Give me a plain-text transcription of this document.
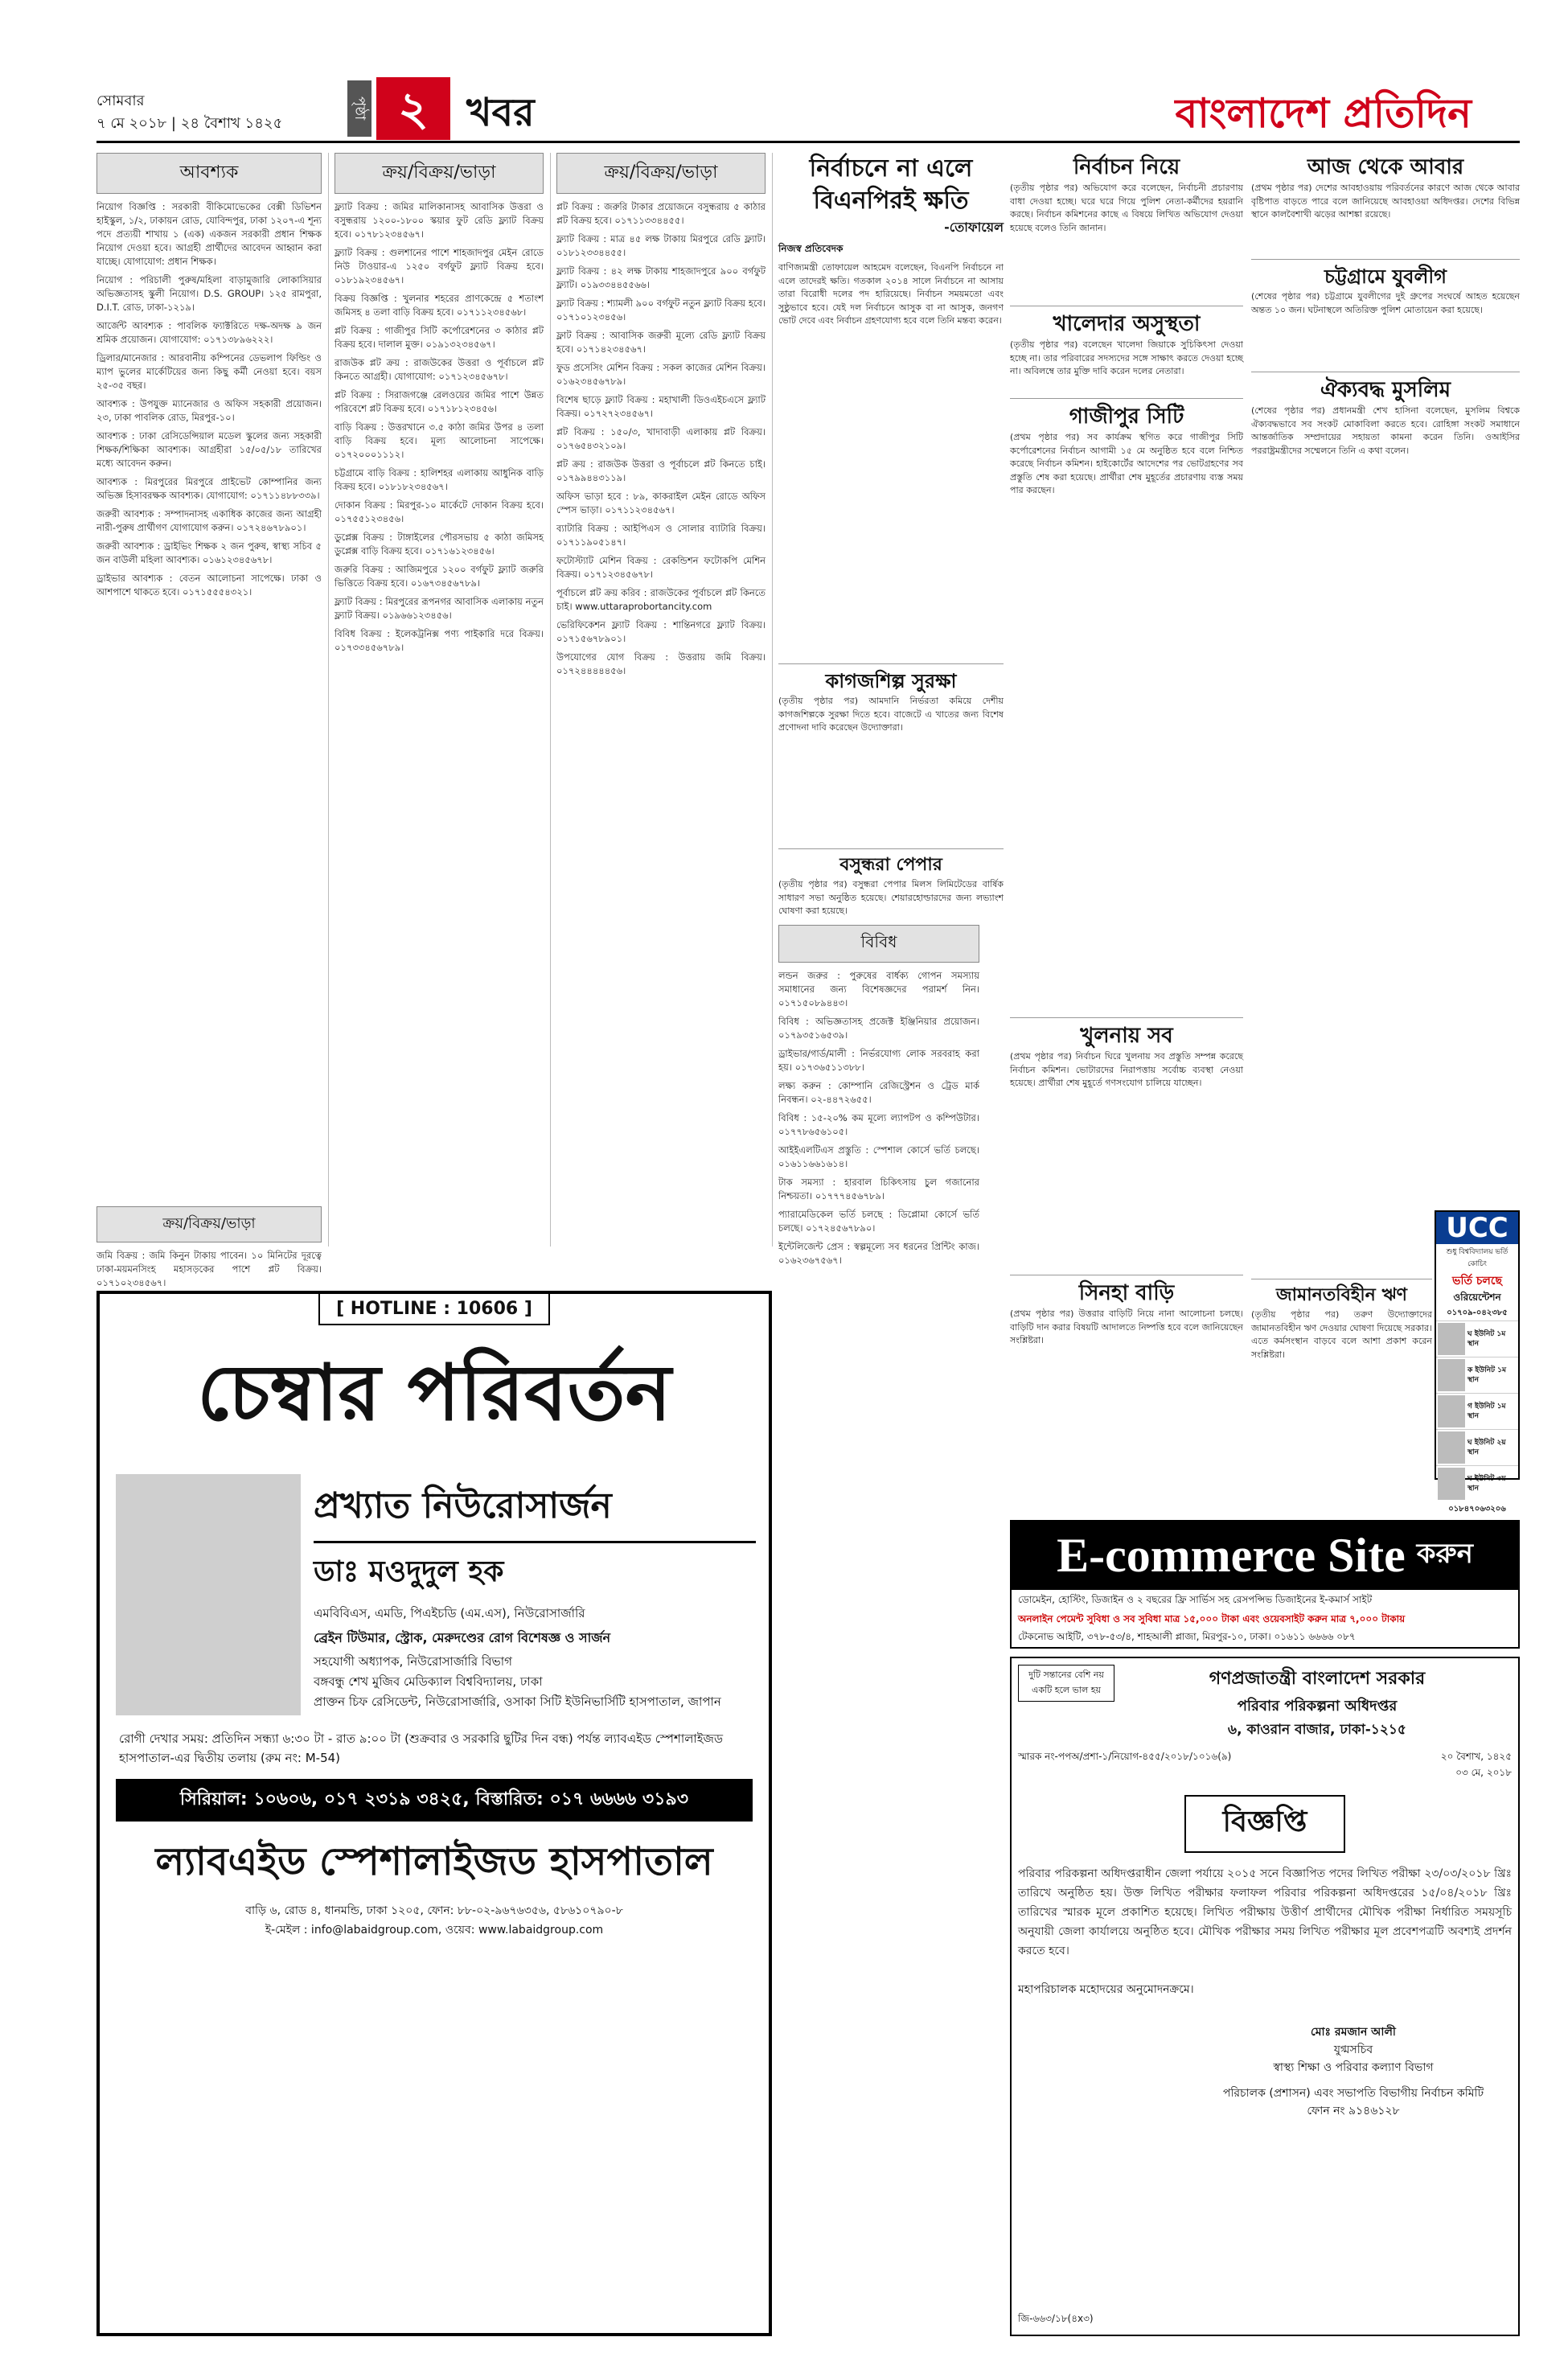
সোমবার
৭ মে ২০১৮ | ২৪ বৈশাখ ১৪২৫
পৃষ্ঠা ২ খবর	বাংলাদেশ প্রতিদিন
আবশ্যক

নিয়োগ বিজ্ঞপ্তি : সরকারী বীকিমোভেকের বেক্সী ডিভিশন হাইস্কুল, ১/২, ঢাকায়ন রোড, যোবিন্দপুর, ঢাকা ১২০৭-এ শূন্য পদে প্রত্যয়ী শাখায় ১ (এক) একজন সরকারী প্রধান শিক্ষক নিয়োগ দেওয়া হবে। আগ্রহী প্রার্থীদের আবেদন আহ্বান করা যাচ্ছে। যোগাযোগ: প্রধান শিক্ষক।

নিয়োগ : পরিচালী পুরুষ/মহিলা বাড়ামুজারি লোকাসিয়ার অভিজ্ঞতাসহ স্কুলী নিয়োগ। D.S. GROUP। ১২৫ রামপুরা, D.I.T. রোড, ঢাকা-১২১৯।

আর্জেন্ট আবশ্যক : পাবলিক ফ্যাক্টরিতে দক্ষ-অদক্ষ ৯ জন শ্রমিক প্রয়োজন। যোগাযোগ: ০১৭১৩৮৯৬২২২।

ড্রিলার/মানেজার : আরবানীয় কম্পিনের ডেভলাপ ফিল্ডিং ও ম্যাপ ভুলের মার্কেটিয়ের জন্য কিছু কর্মী নেওয়া হবে। বয়স ২৫-৩৫ বছর।

আবশ্যক : উপযুক্ত ম্যানেজার ও অফিস সহকারী প্রয়োজন। ২৩, ঢাকা পাবলিক রোড, মিরপুর-১০।

আবশ্যক : ঢাকা রেসিডেন্সিয়াল মডেল স্কুলের জন্য সহকারী শিক্ষক/শিক্ষিকা আবশ্যক। আগ্রহীরা ১৫/০৫/১৮ তারিখের মধ্যে আবেদন করুন।

আবশ্যক : মিরপুরের মিরপুরে প্রাইভেট কোম্পানির জন্য অভিজ্ঞ হিসাবরক্ষক আবশ্যক। যোগাযোগ: ০১৭১১৪৮৮৩৩৯।

জরুরী আবশ্যক : সম্পাদনাসহ একাধিক কাজের জন্য আগ্রহী নারী-পুরুষ প্রার্থীগণ যোগাযোগ করুন। ০১৭২৪৬৭৮৯০১।

জরুরী আবশ্যক : ড্রাইভিং শিক্ষক ২ জন পুরুষ, স্বাস্থ্য সচিব ৫ জন বাউলী মহিলা আবশ্যক। ০১৬১২৩৪৫৬৭৮।

ড্রাইভার আবশ্যক : বেতন আলোচনা সাপেক্ষে। ঢাকা ও আশপাশে থাকতে হবে। ০১৭১৫৫৫৪৩২১।

ক্রয়/বিক্রয়/ভাড়া

ফ্ল্যাট বিক্রয় : জমির মালিকানাসহ আবাসিক উত্তরা ও বসুন্ধরায় ১২০০-১৮০০ স্কয়ার ফুট রেডি ফ্ল্যাট বিক্রয় হবে। ০১৭৮১২৩৪৫৬৭।

ফ্ল্যাট বিক্রয় : গুলশানের পাশে শাহজাদপুর মেইন রোডে নিউ টাওয়ার-এ ১২৫০ বর্গফুট ফ্ল্যাট বিক্রয় হবে। ০১৮১৯২৩৪৫৬৭।

বিক্রয় বিজ্ঞপ্তি : খুলনার শহরের প্রাণকেন্দ্রে ৫ শতাংশ জমিসহ ৪ তলা বাড়ি বিক্রয় হবে। ০১৭১১২৩৪৫৬৮।

প্লট বিক্রয় : গাজীপুর সিটি কর্পোরেশনের ৩ কাঠার প্লট বিক্রয় হবে। দালাল মুক্ত। ০১৯১৩২৩৪৫৬৭।

রাজউক প্লট ক্রয় : রাজউকের উত্তরা ও পূর্বাচলে প্লট কিনতে আগ্রহী। যোগাযোগ: ০১৭১২৩৪৫৬৭৮।

প্লট বিক্রয় : সিরাজগঞ্জে রেলওয়ের জমির পাশে উন্নত পরিবেশে প্লট বিক্রয় হবে। ০১৭১৮১২৩৪৫৬।

বাড়ি বিক্রয় : উত্তরখানে ৩.৫ কাঠা জমির উপর ৪ তলা বাড়ি বিক্রয় হবে। মূল্য আলোচনা সাপেক্ষে। ০১৭২০০০১১১২।

চট্টগ্রামে বাড়ি বিক্রয় : হালিশহর এলাকায় আধুনিক বাড়ি বিক্রয় হবে। ০১৮১৮২৩৪৫৬৭।

দোকান বিক্রয় : মিরপুর-১০ মার্কেটে দোকান বিক্রয় হবে। ০১৭৫৫১২৩৪৫৬।

ডুপ্লেক্স বিক্রয় : টাঙ্গাইলের পৌরসভায় ৫ কাঠা জমিসহ ডুপ্লেক্স বাড়ি বিক্রয় হবে। ০১৭১৬১২৩৪৫৬।

জরুরি বিক্রয় : আজিমপুরে ১২০০ বর্গফুট ফ্ল্যাট জরুরি ভিত্তিতে বিক্রয় হবে। ০১৬৭৩৪৫৬৭৮৯।

ফ্ল্যাট বিক্রয় : মিরপুরের রূপনগর আবাসিক এলাকায় নতুন ফ্ল্যাট বিক্রয়। ০১৯৬৬১২৩৪৫৬।

বিবিধ বিক্রয় : ইলেকট্রনিক্স পণ্য পাইকারি দরে বিক্রয়। ০১৭৩৩৪৫৬৭৮৯।

ক্রয়/বিক্রয়/ভাড়া

প্লট বিক্রয় : জরুরি টাকার প্রয়োজনে বসুন্ধরায় ৫ কাঠার প্লট বিক্রয় হবে। ০১৭১১৩৩৪৪৫৫।

ফ্ল্যাট বিক্রয় : মাত্র ৪৫ লক্ষ টাকায় মিরপুরে রেডি ফ্ল্যাট। ০১৮১২৩৩৪৪৫৫।

ফ্ল্যাট বিক্রয় : ৪২ লক্ষ টাকায় শাহজাদপুরে ৯০০ বর্গফুট ফ্ল্যাট। ০১৯৩৩৪৪৫৫৬৬।

ফ্ল্যাট বিক্রয় : শ্যামলী ৯০০ বর্গফুট নতুন ফ্ল্যাট বিক্রয় হবে। ০১৭১০১২৩৪৫৬।

ফ্লাট বিক্রয় : আবাসিক জরুরী মূল্যে রেডি ফ্ল্যাট বিক্রয় হবে। ০১৭১৪২৩৪৫৬৭।

ফুড প্রসেসিং মেশিন বিক্রয় : সকল কাজের মেশিন বিক্রয়। ০১৬২৩৪৫৬৭৮৯।

বিশেষ ছাড়ে ফ্ল্যাট বিক্রয় : মহাখালী ডিওএইচএসে ফ্ল্যাট বিক্রয়। ০১৭২৭২৩৪৫৬৭।

প্লট বিক্রয় : ১৫০/৩, খাদাবাড়ী এলাকায় প্লট বিক্রয়। ০১৭৬৫৪৩২১০৯।

প্লট ক্রয় : রাজউক উত্তরা ও পূর্বাচলে প্লট কিনতে চাই। ০১৭৯৯৪৪৩১১৯।

অফিস ভাড়া হবে : ৮৯, কাকরাইল মেইন রোডে অফিস স্পেস ভাড়া। ০১৭১১২৩৪৫৬৭।

ব্যাটারি বিক্রয় : আইপিএস ও সোলার ব্যাটারি বিক্রয়। ০১৭১১৯০৫১৪৭।

ফটোস্ট্যাট মেশিন বিক্রয় : রেকন্ডিশন ফটোকপি মেশিন বিক্রয়। ০১৭১২৩৪৫৬৭৮।

পূর্বাচলে প্লট ক্রয় করিব : রাজউকের পূর্বাচলে প্লট কিনতে চাই। www.uttaraprobortancity.com

ভেরিফিকেশন ফ্ল্যাট বিক্রয় : শান্তিনগরে ফ্ল্যাট বিক্রয়। ০১৭১৫৬৭৮৯০১।

উপযোগের যোগ বিক্রয় : উত্তরায় জমি বিক্রয়। ০১৭২৪৪৪৪৪৫৬।

ক্রয়/বিক্রয়/ভাড়া

জমি বিক্রয় : জমি কিনুন টাকায় পাবেন। ১০ মিনিটের দূরত্বে ঢাকা-ময়মনসিংহ মহাসড়কের পাশে প্লট বিক্রয়। ০১৭১০২৩৪৫৬৭।

নির্বাচনে না এলে বিএনপিরই ক্ষতি
-তোফায়েল
নিজস্ব প্রতিবেদক
বাণিজ্যমন্ত্রী তোফায়েল আহমেদ বলেছেন, বিএনপি নির্বাচনে না এলে তাদেরই ক্ষতি। গতকাল ২০১৪ সালে নির্বাচনে না আসায় তারা বিরোধী দলের পদ হারিয়েছে। নির্বাচন সময়মতো এবং সুষ্ঠুভাবে হবে। যেই দল নির্বাচনে আসুক বা না আসুক, জনগণ ভোট দেবে এবং নির্বাচন গ্রহণযোগ্য হবে বলে তিনি মন্তব্য করেন।
কাগজশিল্প সুরক্ষা
(তৃতীয় পৃষ্ঠার পর) আমদানি নির্ভরতা কমিয়ে দেশীয় কাগজশিল্পকে সুরক্ষা দিতে হবে। বাজেটে এ খাতের জন্য বিশেষ প্রণোদনা দাবি করেছেন উদ্যোক্তারা।
বসুন্ধরা পেপার
(তৃতীয় পৃষ্ঠার পর) বসুন্ধরা পেপার মিলস লিমিটেডের বার্ষিক সাধারণ সভা অনুষ্ঠিত হয়েছে। শেয়ারহোল্ডারদের জন্য লভ্যাংশ ঘোষণা করা হয়েছে।
বিবিধ

লন্ডন জরুর : পুরুষের বার্ধক্য গোপন সমস্যায় সমাধানের জন্য বিশেষজ্ঞদের পরামর্শ নিন। ০১৭১৫০৮৯৪৪৩।

বিবিধ : অভিজ্ঞতাসহ প্রজেক্ট ইঞ্জিনিয়ার প্রয়োজন। ০১৭৯৩৫১৬৫৩৯।

ড্রাইভার/গার্ড/মালী : নির্ভরযোগ্য লোক সরবরাহ করা হয়। ০১৭৩৬৫১১৩৮৮।

লক্ষ্য করুন : কোম্পানি রেজিস্ট্রেশন ও ট্রেড মার্ক নিবন্ধন। ০২-৪৪৭২৬৫৫।

বিবিধ : ১৫-২০% কম মূল্যে ল্যাপটপ ও কম্পিউটার। ০১৭৭৮৬৫৬১০৫।

আইইএলটিএস প্রস্তুতি : স্পেশাল কোর্সে ভর্তি চলছে। ০১৬১১৬৬১৬১৪।

টাক সমস্যা : হারবাল চিকিৎসায় চুল গজানোর নিশ্চয়তা। ০১৭৭৭৪৫৬৭৮৯।

প্যারামেডিকেল ভর্তি চলছে : ডিপ্লোমা কোর্সে ভর্তি চলছে। ০১৭২৪৫৬৭৮৯০।

ইন্টেলিজেন্ট প্রেস : স্বল্পমূল্যে সব ধরনের প্রিন্টিং কাজ। ০১৬২৩৬৭৫৬৭।

নির্বাচন নিয়ে
(তৃতীয় পৃষ্ঠার পর) অভিযোগ করে বলেছেন, নির্বাচনী প্রচারণায় বাধা দেওয়া হচ্ছে। ঘরে ঘরে গিয়ে পুলিশ নেতা-কর্মীদের হয়রানি করছে। নির্বাচন কমিশনের কাছে এ বিষয়ে লিখিত অভিযোগ দেওয়া হয়েছে বলেও তিনি জানান।
খালেদার অসুস্থতা
(তৃতীয় পৃষ্ঠার পর) বলেছেন খালেদা জিয়াকে সুচিকিৎসা দেওয়া হচ্ছে না। তার পরিবারের সদস্যদের সঙ্গে সাক্ষাৎ করতে দেওয়া হচ্ছে না। অবিলম্বে তার মুক্তি দাবি করেন দলের নেতারা।
গাজীপুর সিটি
(প্রথম পৃষ্ঠার পর) সব কার্যক্রম স্থগিত করে গাজীপুর সিটি কর্পোরেশনের নির্বাচন আগামী ১৫ মে অনুষ্ঠিত হবে বলে নিশ্চিত করেছে নির্বাচন কমিশন। হাইকোর্টের আদেশের পর ভোটগ্রহণের সব প্রস্তুতি শেষ করা হয়েছে। প্রার্থীরা শেষ মুহূর্তের প্রচারণায় ব্যস্ত সময় পার করছেন।
খুলনায় সব
(প্রথম পৃষ্ঠার পর) নির্বাচন ঘিরে খুলনায় সব প্রস্তুতি সম্পন্ন করেছে নির্বাচন কমিশন। ভোটারদের নিরাপত্তায় সর্বোচ্চ ব্যবস্থা নেওয়া হয়েছে। প্রার্থীরা শেষ মুহূর্তে গণসংযোগ চালিয়ে যাচ্ছেন।
সিনহা বাড়ি
(প্রথম পৃষ্ঠার পর) উত্তরার বাড়িটি নিয়ে নানা আলোচনা চলছে। বাড়িটি দান করার বিষয়টি আদালতে নিষ্পত্তি হবে বলে জানিয়েছেন সংশ্লিষ্টরা।
আজ থেকে আবার
(প্রথম পৃষ্ঠার পর) দেশের আবহাওয়ায় পরিবর্তনের কারণে আজ থেকে আবার বৃষ্টিপাত বাড়তে পারে বলে জানিয়েছে আবহাওয়া অধিদপ্তর। দেশের বিভিন্ন স্থানে কালবৈশাখী ঝড়ের আশঙ্কা রয়েছে।
চট্টগ্রামে যুবলীগ
(শেষের পৃষ্ঠার পর) চট্টগ্রামে যুবলীগের দুই গ্রুপের সংঘর্ষে আহত হয়েছেন অন্তত ১০ জন। ঘটনাস্থলে অতিরিক্ত পুলিশ মোতায়েন করা হয়েছে।
ঐক্যবদ্ধ মুসলিম
(শেষের পৃষ্ঠার পর) প্রধানমন্ত্রী শেখ হাসিনা বলেছেন, মুসলিম বিশ্বকে ঐক্যবদ্ধভাবে সব সংকট মোকাবিলা করতে হবে। রোহিঙ্গা সংকট সমাধানে আন্তর্জাতিক সম্প্রদায়ের সহায়তা কামনা করেন তিনি। ওআইসির পররাষ্ট্রমন্ত্রীদের সম্মেলনে তিনি এ কথা বলেন।
জামানতবিহীন ঋণ
(তৃতীয় পৃষ্ঠার পর) তরুণ উদ্যোক্তাদের জামানতবিহীন ঋণ দেওয়ার ঘোষণা দিয়েছে সরকার। এতে কর্মসংস্থান বাড়বে বলে আশা প্রকাশ করেন সংশ্লিষ্টরা।
UCC
শুধু বিশ্ববিদ্যালয় ভর্তি কোচিং
ভর্তি চলছে
ওরিয়েন্টেশন
০১৭০৯-০৪২৩৮৫
ঘ ইউনিট ১ম স্থান
ক ইউনিট ১ম স্থান
গ ইউনিট ১ম স্থান
ঘ ইউনিট ২য় স্থান
ঘ ইউনিট ৩য় স্থান
০১৮৪৭০৬৩২০৬
E-commerce Site করুন
ডোমেইন, হোস্টিং, ডিজাইন ও ২ বছরের ফ্রি সার্ভিস সহ রেসপন্সিভ ডিজাইনের ই-কমার্স সাইট
অনলাইন পেমেন্ট সুবিধা ও সব সুবিধা মাত্র ১৫,০০০ টাকা এবং ওয়েবসাইট করুন মাত্র ৭,০০০ টাকায়
টেকনোভ আইটি, ৩৭৮-৫৩/৪, শাহআলী প্লাজা, মিরপুর-১০, ঢাকা। ০১৬১১ ৬৬৬৬ ০৮৭
দুটি সন্তানের বেশি নয় একটি হলে ভাল হয়
গণপ্রজাতন্ত্রী বাংলাদেশ সরকার
পরিবার পরিকল্পনা অধিদপ্তর
৬, কাওরান বাজার, ঢাকা-১২১৫
স্মারক নং-পপঅ/প্রশা-১/নিয়োগ-৪৫৫/২০১৮/১০১৬(৯)	২০ বৈশাখ, ১৪২৫
০৩ মে, ২০১৮
বিজ্ঞপ্তি
পরিবার পরিকল্পনা অধিদপ্তরাধীন জেলা পর্যায়ে ২০১৫ সনে বিজ্ঞাপিত পদের লিখিত পরীক্ষা ২৩/০৩/২০১৮ খ্রিঃ তারিখে অনুষ্ঠিত হয়। উক্ত লিখিত পরীক্ষার ফলাফল পরিবার পরিকল্পনা অধিদপ্তরের ১৫/০৪/২০১৮ খ্রিঃ তারিখের স্মারক মূলে প্রকাশিত হয়েছে। লিখিত পরীক্ষায় উত্তীর্ণ প্রার্থীদের মৌখিক পরীক্ষা নির্ধারিত সময়সূচি অনুযায়ী জেলা কার্যালয়ে অনুষ্ঠিত হবে। মৌখিক পরীক্ষার সময় লিখিত পরীক্ষার মূল প্রবেশপত্রটি অবশ্যই প্রদর্শন করতে হবে।
মহাপরিচালক মহোদয়ের অনুমোদনক্রমে।
মোঃ রমজান আলী
যুগ্মসচিব
স্বাস্থ্য শিক্ষা ও পরিবার কল্যাণ বিভাগ
পরিচালক (প্রশাসন) এবং সভাপতি বিভাগীয় নির্বাচন কমিটি
ফোন নং ৯১৪৬১২৮
জি-৬৬৩/১৮(৪x৩)
[ HOTLINE : 10606 ]
চেম্বার পরিবর্তন
প্রখ্যাত নিউরোসার্জন
ডাঃ মওদুদুল হক
এমবিবিএস, এমডি, পিএইচডি (এম.এস), নিউরোসার্জারি
ব্রেইন টিউমার, স্ট্রোক, মেরুদণ্ডের রোগ বিশেষজ্ঞ ও সার্জন
সহযোগী অধ্যাপক, নিউরোসার্জারি বিভাগ
বঙ্গবন্ধু শেখ মুজিব মেডিক্যাল বিশ্ববিদ্যালয়, ঢাকা
প্রাক্তন চিফ রেসিডেন্ট, নিউরোসার্জারি, ওসাকা সিটি ইউনিভার্সিটি হাসপাতাল, জাপান
রোগী দেখার সময়: প্রতিদিন সন্ধ্যা ৬:৩০ টা - রাত ৯:০০ টা (শুক্রবার ও সরকারি ছুটির দিন বন্ধ) পর্যন্ত ল্যাবএইড স্পেশালাইজড হাসপাতাল-এর দ্বিতীয় তলায় (রুম নং: M-54)
সিরিয়াল: ১০৬০৬, ০১৭ ২৩১৯ ৩৪২৫, বিস্তারিত: ০১৭ ৬৬৬৬ ৩১৯৩
ল্যাবএইড স্পেশালাইজড হাসপাতাল
বাড়ি ৬, রোড ৪, ধানমন্ডি, ঢাকা ১২০৫, ফোন: ৮৮-০২-৯৬৭৬৩৫৬, ৫৮৬১০৭৯০-৮
ই-মেইল : info@labaidgroup.com, ওয়েব: www.labaidgroup.com
